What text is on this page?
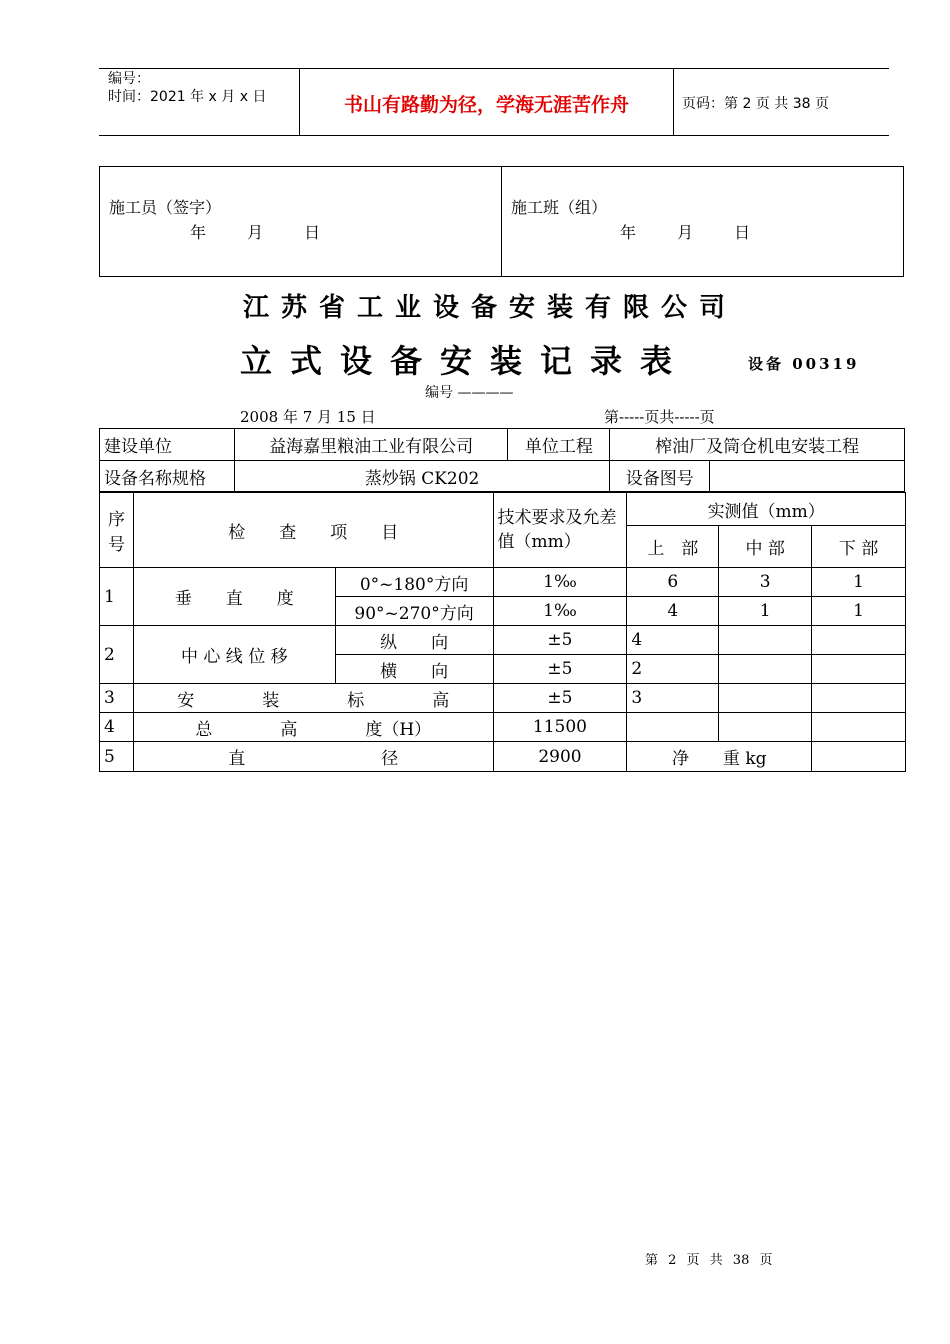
编号：
时间：2021 年 x 月 x 日	书山有路勤为径，学海无涯苦作舟	页码：第 2 页 共 38 页
施工员（签字）
年 月 日
施工班（组）
年 月 日
江苏省工业设备安装有限公司
立式设备安装记录表	设备 00319
编号 ————
2008 年 7 月 15 日	第-----页共-----页
建设单位	益海嘉里粮油工业有限公司	单位工程	榨油厂及筒仓机电安装工程	
设备名称规格	蒸炒锅 CK202		设备图号	
序号	检　　查　　项　　目		技术要求及允差值（mm）	实测值（mm）		
				上　部	中 部	下 部
1	垂　　直　　度	0°~180°方向	1‰	6	3	1
		90°~270°方向	1‰	4	1	1
2	中 心 线 位 移	纵　　向	±5	4		
		横　　向	±5	2		
3	安　　　　装　　　　标　　　　高		±5	3		
4	总　　　　高　　　　度（H）		11500			
5	直　　　　　　　　径		2900	净　　重 kg		
第 2 页 共 38 页
